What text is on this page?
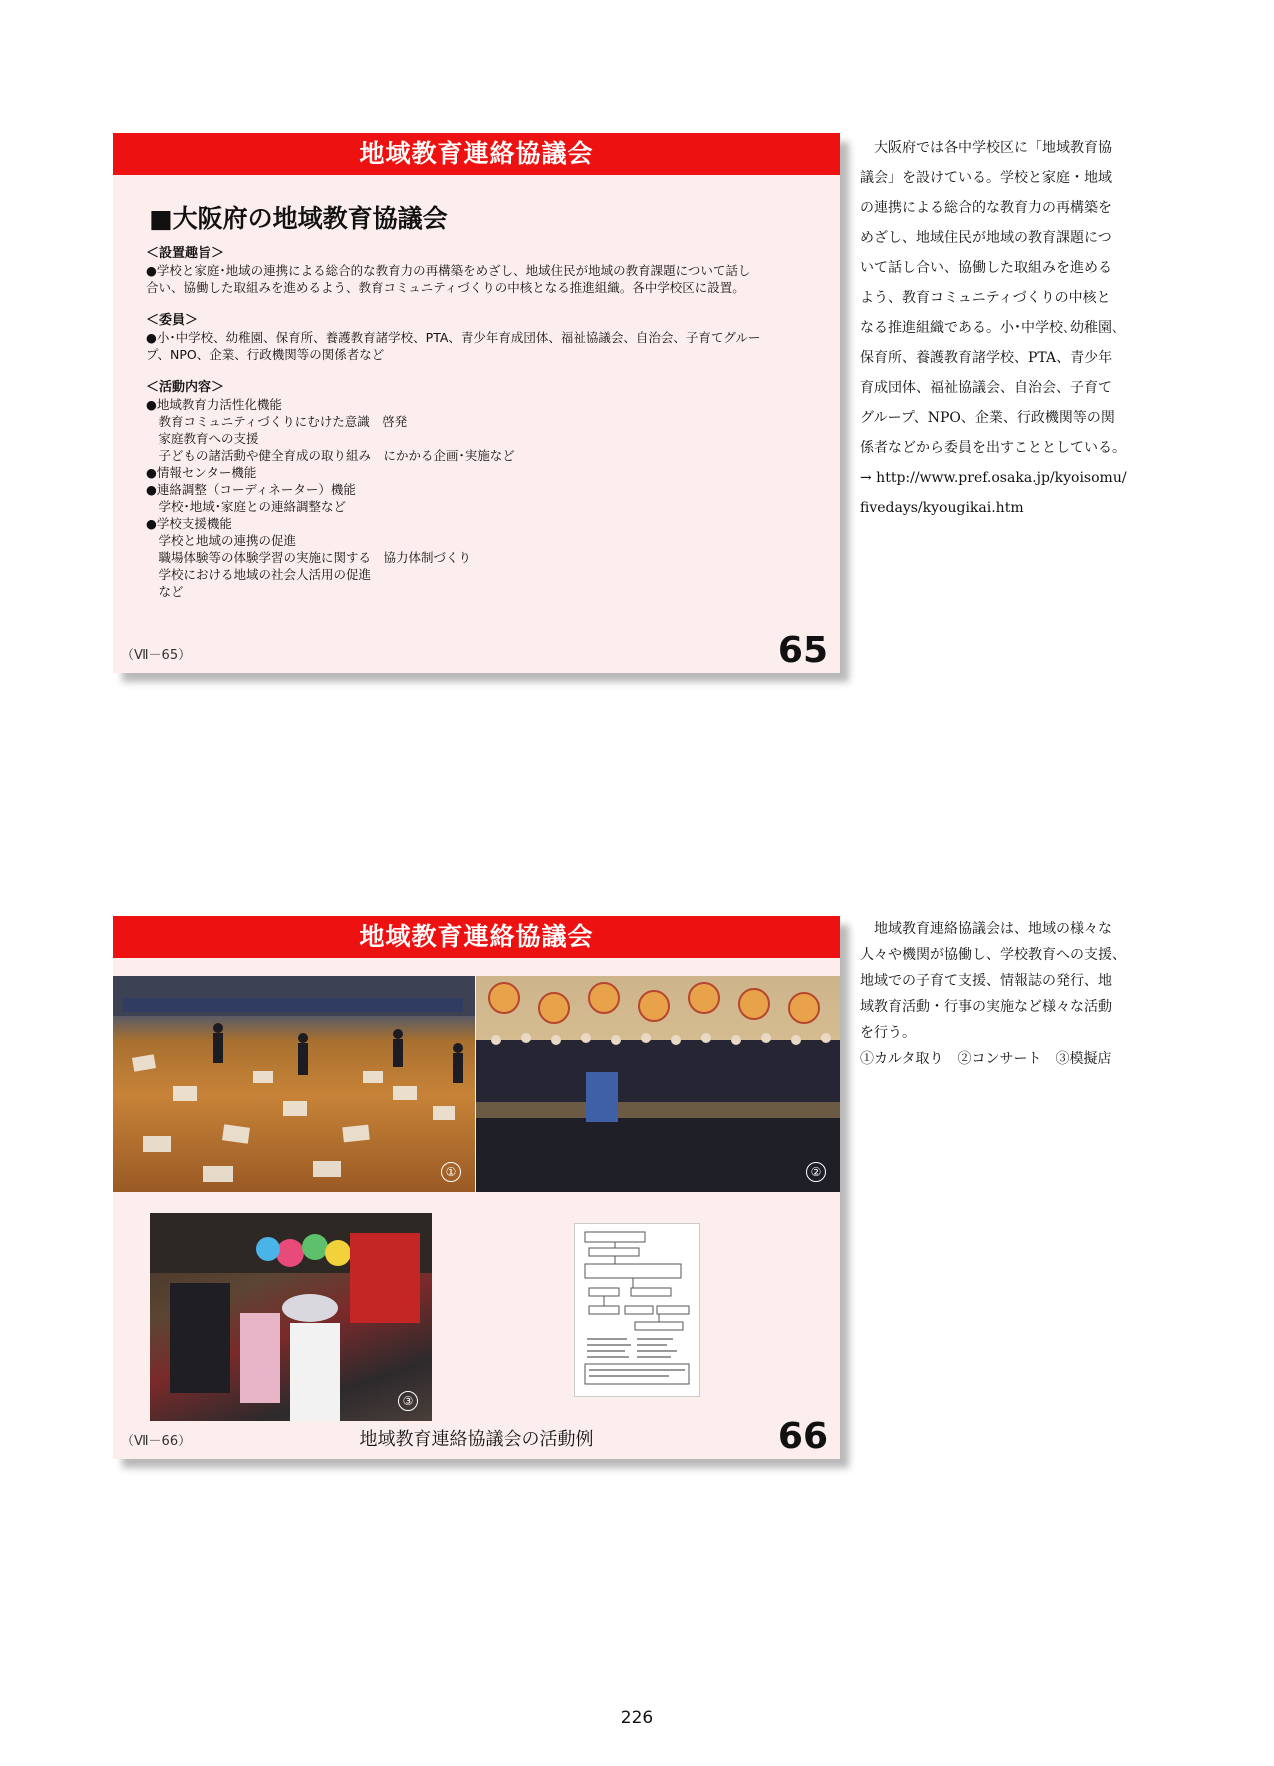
地域教育連絡協議会
■大阪府の地域教育協議会
＜設置趣旨＞
●学校と家庭･地域の連携による総合的な教育力の再構築をめざし、地域住民が地域の教育課題について話し
合い、協働した取組みを進めるよう、教育コミュニティづくりの中核となる推進組織。各中学校区に設置。
＜委員＞
●小･中学校、幼稚園、保育所、養護教育諸学校、PTA、青少年育成団体、福祉協議会、自治会、子育てグルー
プ、NPO、企業、行政機関等の関係者など
＜活動内容＞
●地域教育力活性化機能
　教育コミュニティづくりにむけた意識　啓発
　家庭教育への支援
　子どもの諸活動や健全育成の取り組み　にかかる企画･実施など
●情報センター機能
●連絡調整（コーディネーター）機能
　学校･地域･家庭との連絡調整など
●学校支援機能
　学校と地域の連携の促進
　職場体験等の体験学習の実施に関する　協力体制づくり
　学校における地域の社会人活用の促進
　など
（Ⅶ－65）	65
　大阪府では各中学校区に「地域教育協
議会」を設けている。学校と家庭・地域
の連携による総合的な教育力の再構築を
めざし、地域住民が地域の教育課題につ
いて話し合い、協働した取組みを進める
よう、教育コミュニティづくりの中核と
なる推進組織である。小･中学校､幼稚園､
保育所、養護教育諸学校、PTA、青少年
育成団体、福祉協議会、自治会、子育て
グループ、NPO、企業、行政機関等の関
係者などから委員を出すこととしている。
→ http://www.pref.osaka.jp/kyoisomu/
fivedays/kyougikai.htm
地域教育連絡協議会
①	②
③
（Ⅶ－66）	地域教育連絡協議会の活動例	66
　地域教育連絡協議会は、地域の様々な
人々や機関が協働し、学校教育への支援、
地域での子育て支援、情報誌の発行、地
域教育活動・行事の実施など様々な活動
を行う。
①カルタ取り　②コンサート　③模擬店
226
